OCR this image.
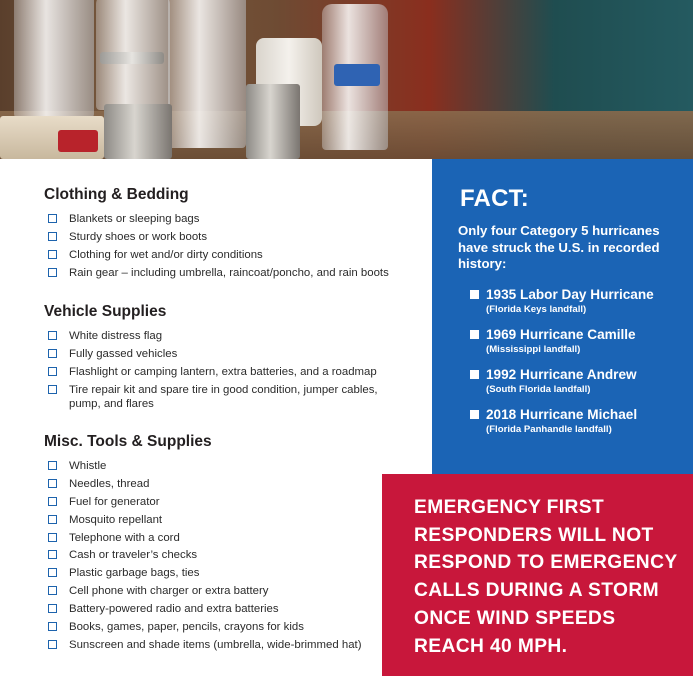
Clothing & Bedding
Blankets or sleeping bags
Sturdy shoes or work boots
Clothing for wet and/or dirty conditions
Rain gear – including umbrella, raincoat/poncho, and rain boots
Vehicle Supplies
White distress flag
Fully gassed vehicles
Flashlight or camping lantern, extra batteries, and a roadmap
Tire repair kit and spare tire in good condition, jumper cables, pump, and flares
Misc. Tools & Supplies
Whistle
Needles, thread
Fuel for generator
Mosquito repellant
Telephone with a cord
Cash or traveler’s checks
Plastic garbage bags, ties
Cell phone with charger or extra battery
Battery-powered radio and extra batteries
Books, games, paper, pencils, crayons for kids
Sunscreen and shade items (umbrella, wide-brimmed hat)
FACT:
Only four Category 5 hurricanes have struck the U.S. in recorded history:
1935 Labor Day Hurricane
(Florida Keys landfall)
1969 Hurricane Camille
(Mississippi landfall)
1992 Hurricane Andrew
(South Florida landfall)
2018 Hurricane Michael
(Florida Panhandle landfall)
EMERGENCY FIRST RESPONDERS WILL NOT RESPOND TO EMERGENCY CALLS DURING A STORM ONCE WIND SPEEDS REACH 40 MPH.
